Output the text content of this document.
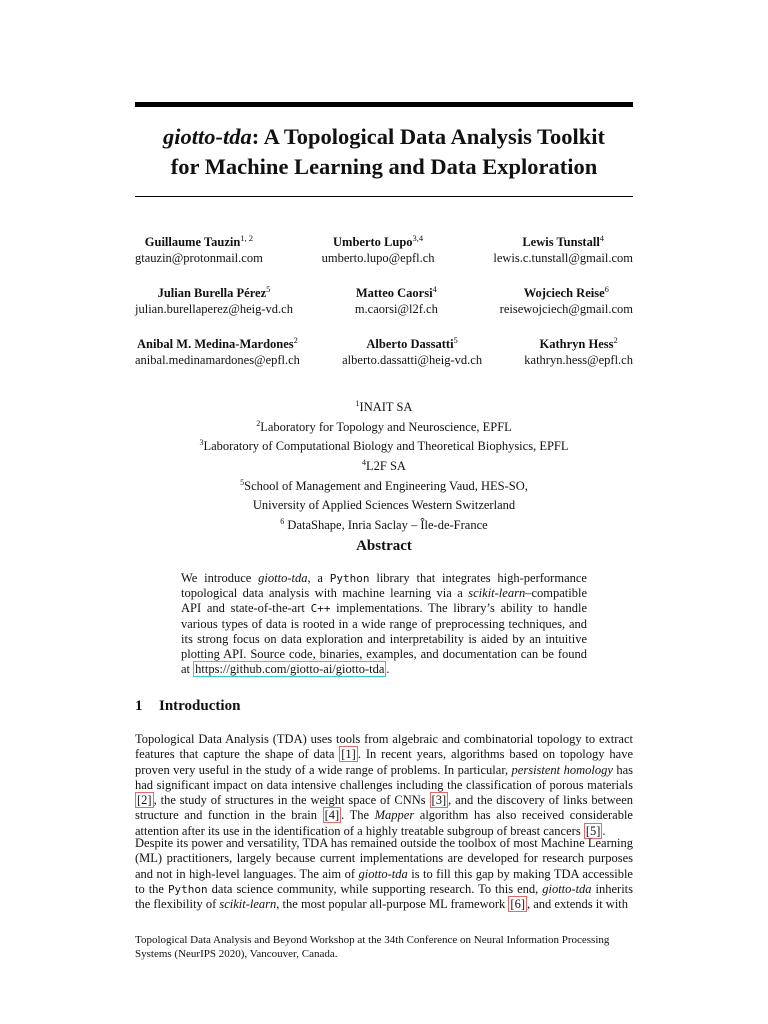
giotto-tda: A Topological Data Analysis Toolkit
for Machine Learning and Data Exploration
Guillaume Tauzin$^{1, 2}$
gtauzin@protonmail.com
Umberto Lupo$^{3,4}$
umberto.lupo@epfl.ch
Lewis Tunstall$^4$
lewis.c.tunstall@gmail.com
Julian Burella Pérez$^5$
julian.burellaperez@heig-vd.ch
Matteo Caorsi$^4$
m.caorsi@l2f.ch
Wojciech Reise$^6$
reisewojciech@gmail.com
Anibal M. Medina-Mardones$^2$
anibal.medinamardones@epfl.ch
Alberto Dassatti$^5$
alberto.dassatti@heig-vd.ch
Kathryn Hess$^2$
kathryn.hess@epfl.ch
$^1$INAIT SA
$^2$Laboratory for Topology and Neuroscience, EPFL
$^3$Laboratory of Computational Biology and Theoretical Biophysics, EPFL
$^4$L2F SA
$^5$School of Management and Engineering Vaud, HES-SO,
University of Applied Sciences Western Switzerland
$^6$ DataShape, Inria Saclay – Île-de-France
Abstract
We introduce giotto-tda, a Python library that integrates high-performance topological data analysis with machine learning via a scikit-learn–compatible API and state-of-the-art C++ implementations. The library’s ability to handle various types of data is rooted in a wide range of preprocessing techniques, and its strong focus on data exploration and interpretability is aided by an intuitive plotting API. Source code, binaries, examples, and documentation can be found at https://github.com/giotto-ai/giotto-tda .
1 Introduction
Topological Data Analysis (TDA) uses tools from algebraic and combinatorial topology to extract features that capture the shape of data [1] . In recent years, algorithms based on topology have proven very useful in the study of a wide range of problems. In particular, persistent homology has had significant impact on data intensive challenges including the classification of porous materials [2] , the study of structures in the weight space of CNNs [3] , and the discovery of links between structure and function in the brain [4] . The Mapper algorithm has also received considerable attention after its use in the identification of a highly treatable subgroup of breast cancers [5] .
Despite its power and versatility, TDA has remained outside the toolbox of most Machine Learning (ML) practitioners, largely because current implementations are developed for research purposes and not in high-level languages. The aim of giotto-tda is to fill this gap by making TDA accessible to the Python data science community, while supporting research. To this end, giotto-tda inherits the flexibility of scikit-learn, the most popular all-purpose ML framework [6] , and extends it with
Topological Data Analysis and Beyond Workshop at the 34th Conference on Neural Information Processing Systems (NeurIPS 2020), Vancouver, Canada.
